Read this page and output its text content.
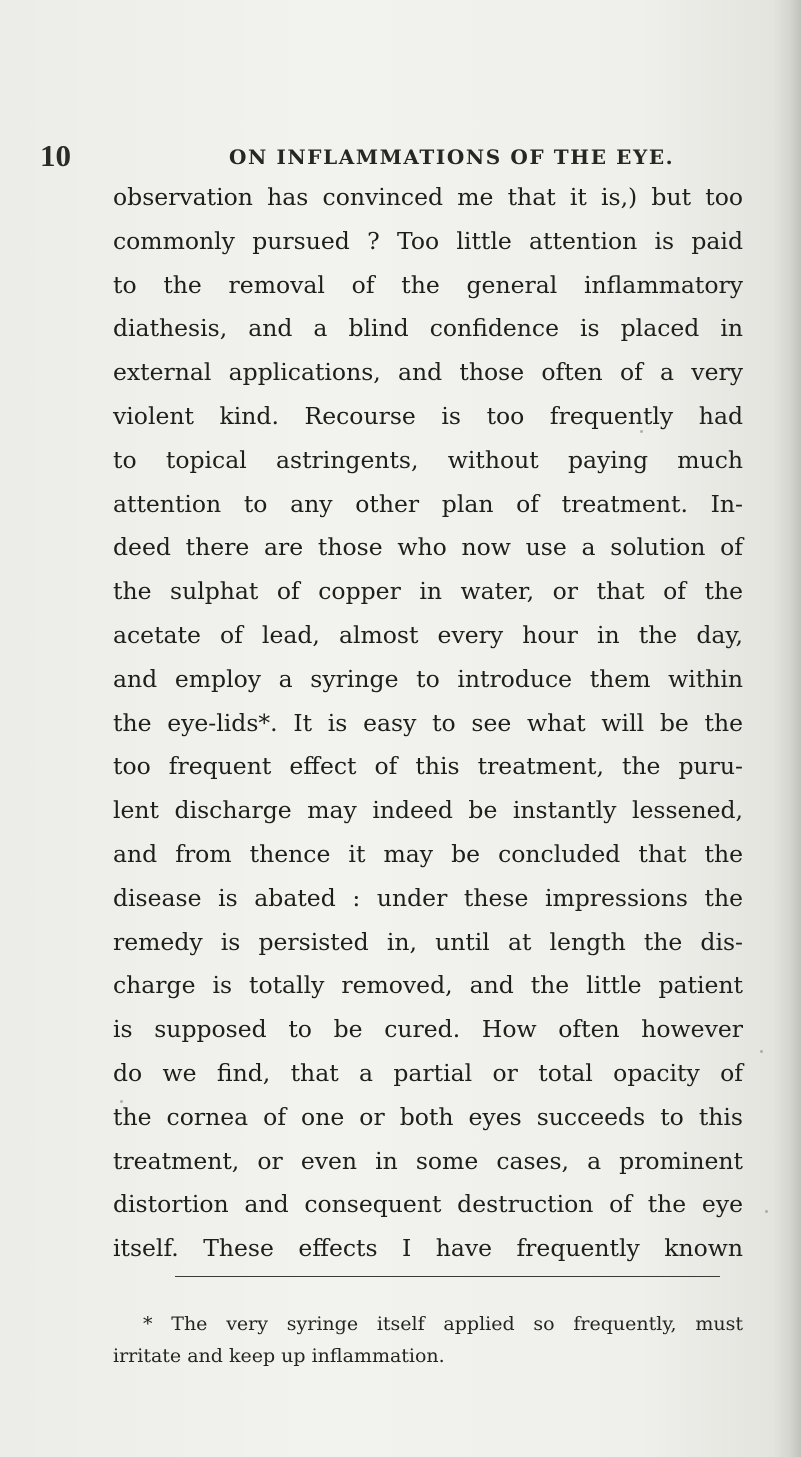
10	ON INFLAMMATIONS OF THE EYE.
observation has convinced me that it is,) but too
commonly pursued ? Too little attention is paid
to the removal of the general inflammatory
diathesis, and a blind confidence is placed in
external applications, and those often of a very
violent kind. Recourse is too frequently had
to topical astringents, without paying much
attention to any other plan of treatment. In-
deed there are those who now use a solution of
the sulphat of copper in water, or that of the
acetate of lead, almost every hour in the day,
and employ a syringe to introduce them within
the eye-lids*. It is easy to see what will be the
too frequent effect of this treatment, the puru-
lent discharge may indeed be instantly lessened,
and from thence it may be concluded that the
disease is abated : under these impressions the
remedy is persisted in, until at length the dis-
charge is totally removed, and the little patient
is supposed to be cured. How often however
do we find, that a partial or total opacity of
the cornea of one or both eyes succeeds to this
treatment, or even in some cases, a prominent
distortion and consequent destruction of the eye
itself. These effects I have frequently known
* The very syringe itself applied so frequently, must
irritate and keep up inflammation.
